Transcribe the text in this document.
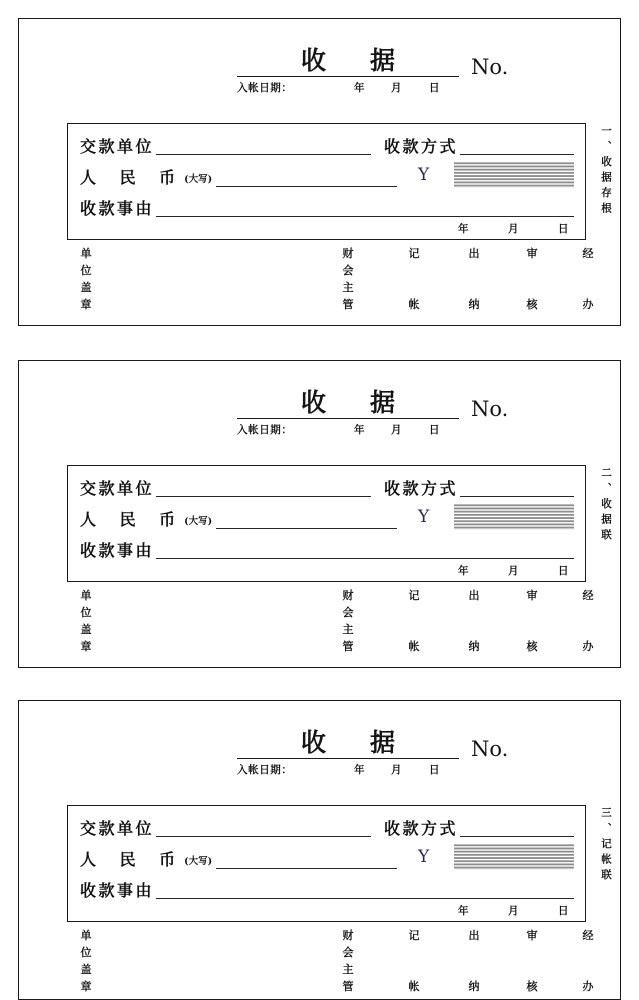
收据	No.
入帐日期：	年	月	日
交款单位	收款方式
人 民 币(大写)	Y
收款事由
年	月	日
一、收据存根
单
位
盖
章
财
会
主
管
记
帐
出
纳
审
核
经
办
收据	No.
入帐日期：	年	月	日
交款单位	收款方式
人 民 币(大写)	Y
收款事由
年	月	日
二、收据联
单
位
盖
章
财
会
主
管
记
帐
出
纳
审
核
经
办
收据	No.
入帐日期：	年	月	日
交款单位	收款方式
人 民 币(大写)	Y
收款事由
年	月	日
三、记帐联
单
位
盖
章
财
会
主
管
记
帐
出
纳
审
核
经
办
